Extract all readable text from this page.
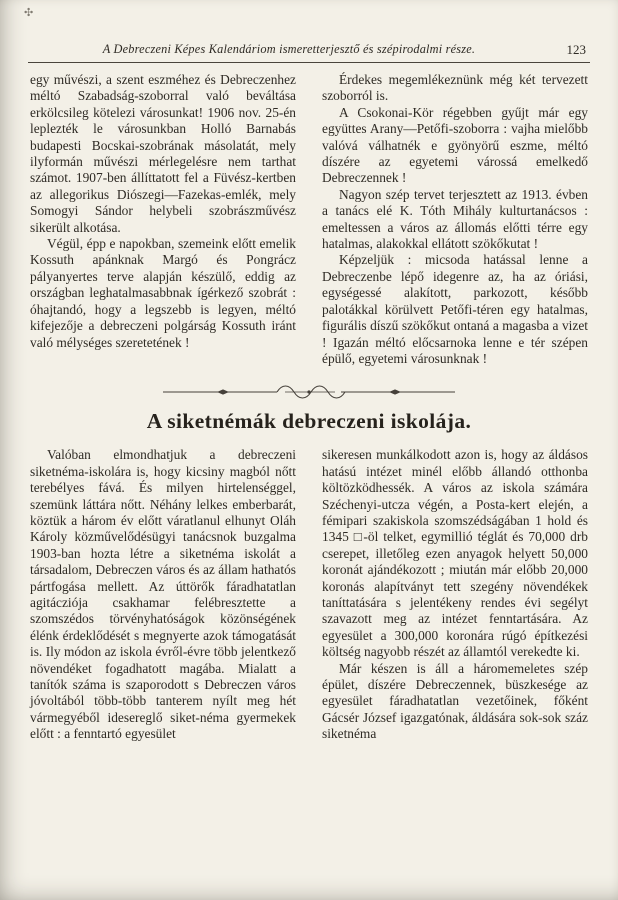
✣
A Debreczeni Képes Kalendáriom ismeretterjesztő és szépirodalmi része.	123

egy művészi, a szent eszméhez és Debreczenhez méltó Szabadság-szoborral való beváltása erkölcsileg kötelezi városunkat! 1906 nov. 25-én leplezték le városunkban Holló Barnabás budapesti Bocskai-szobrának másolatát, mely ilyformán művészi mérlegelésre nem tarthat számot. 1907-ben állíttatott fel a Füvész-kertben az allegorikus Diószegi—Fazekas-emlék, mely Somogyi Sándor helybeli szobrászművész sikerült alkotása.

Végül, épp e napokban, szemeink előtt emelik Kossuth apánknak Margó és Pongrácz pályanyertes terve alapján készülő, eddig az országban leghatalmasabbnak ígérkező szobrát : óhajtandó, hogy a legszebb is legyen, méltó kifejezője a debreczeni polgárság Kossuth iránt való mélységes szeretetének !

Érdekes megemlékeznünk még két tervezett szoborról is.

A Csokonai-Kör régebben gyűjt már egy együttes Arany—Petőfi-szoborra : vajha mielőbb valóvá válhatnék e gyönyörű eszme, méltó díszére az egyetemi várossá emelkedő Debreczennek !

Nagyon szép tervet terjesztett az 1913. évben a tanács elé K. Tóth Mihály kulturtanácsos : emeltessen a város az állomás előtti térre egy hatalmas, alakokkal ellátott szökőkutat !

Képzeljük : micsoda hatással lenne a Debreczenbe lépő idegenre az, ha az óriási, egységessé alakított, parkozott, később palotákkal körülvett Petőfi-téren egy hatalmas, figurális díszű szökőkut ontaná a magasba a vizet ! Igazán méltó előcsarnoka lenne e tér szépen épülő, egyetemi városunknak !

A siketnémák debreczeni iskolája.

Valóban elmondhatjuk a debreczeni siketnéma-iskolára is, hogy kicsiny magból nőtt terebélyes fává. És milyen hirtelenséggel, szemünk láttára nőtt. Néhány lelkes emberbarát, köztük a három év előtt váratlanul elhunyt Oláh Károly közművelődésügyi tanácsnok buzgalma 1903-ban hozta létre a siketnéma iskolát a társadalom, Debreczen város és az állam hathatós pártfogása mellett. Az úttörők fáradhatatlan agitácziója csakhamar felébresztette a szomszédos törvényhatóságok közönségének élénk érdeklődését s megnyerte azok támogatását is. Ily módon az iskola évről-évre több jelentkező növendéket fogadhatott magába. Mialatt a tanítók száma is szaporodott s Debreczen város jóvoltából több-több tanterem nyílt meg hét vármegyéből idesereglő siket-néma gyermekek előtt : a fenntartó egyesület

sikeresen munkálkodott azon is, hogy az áldásos hatású intézet minél előbb állandó otthonba költözködhessék. A város az iskola számára Széchenyi-utcza végén, a Posta-kert elején, a fémipari szakiskola szomszédságában 1 hold és 1345 □-öl telket, egymillió téglát és 70,000 drb cserepet, illetőleg ezen anyagok helyett 50,000 koronát ajándékozott ; miután már előbb 20,000 koronás alapítványt tett szegény növendékek taníttatására s jelentékeny rendes évi segélyt szavazott meg az intézet fenntartására. Az egyesület a 300,000 koronára rúgó építkezési költség nagyobb részét az államtól verekedte ki.

Már készen is áll a háromemeletes szép épület, díszére Debreczennek, büszkesége az egyesület fáradhatatlan vezetőinek, főként Gácsér József igazgatónak, áldására sok-sok száz siketnéma
